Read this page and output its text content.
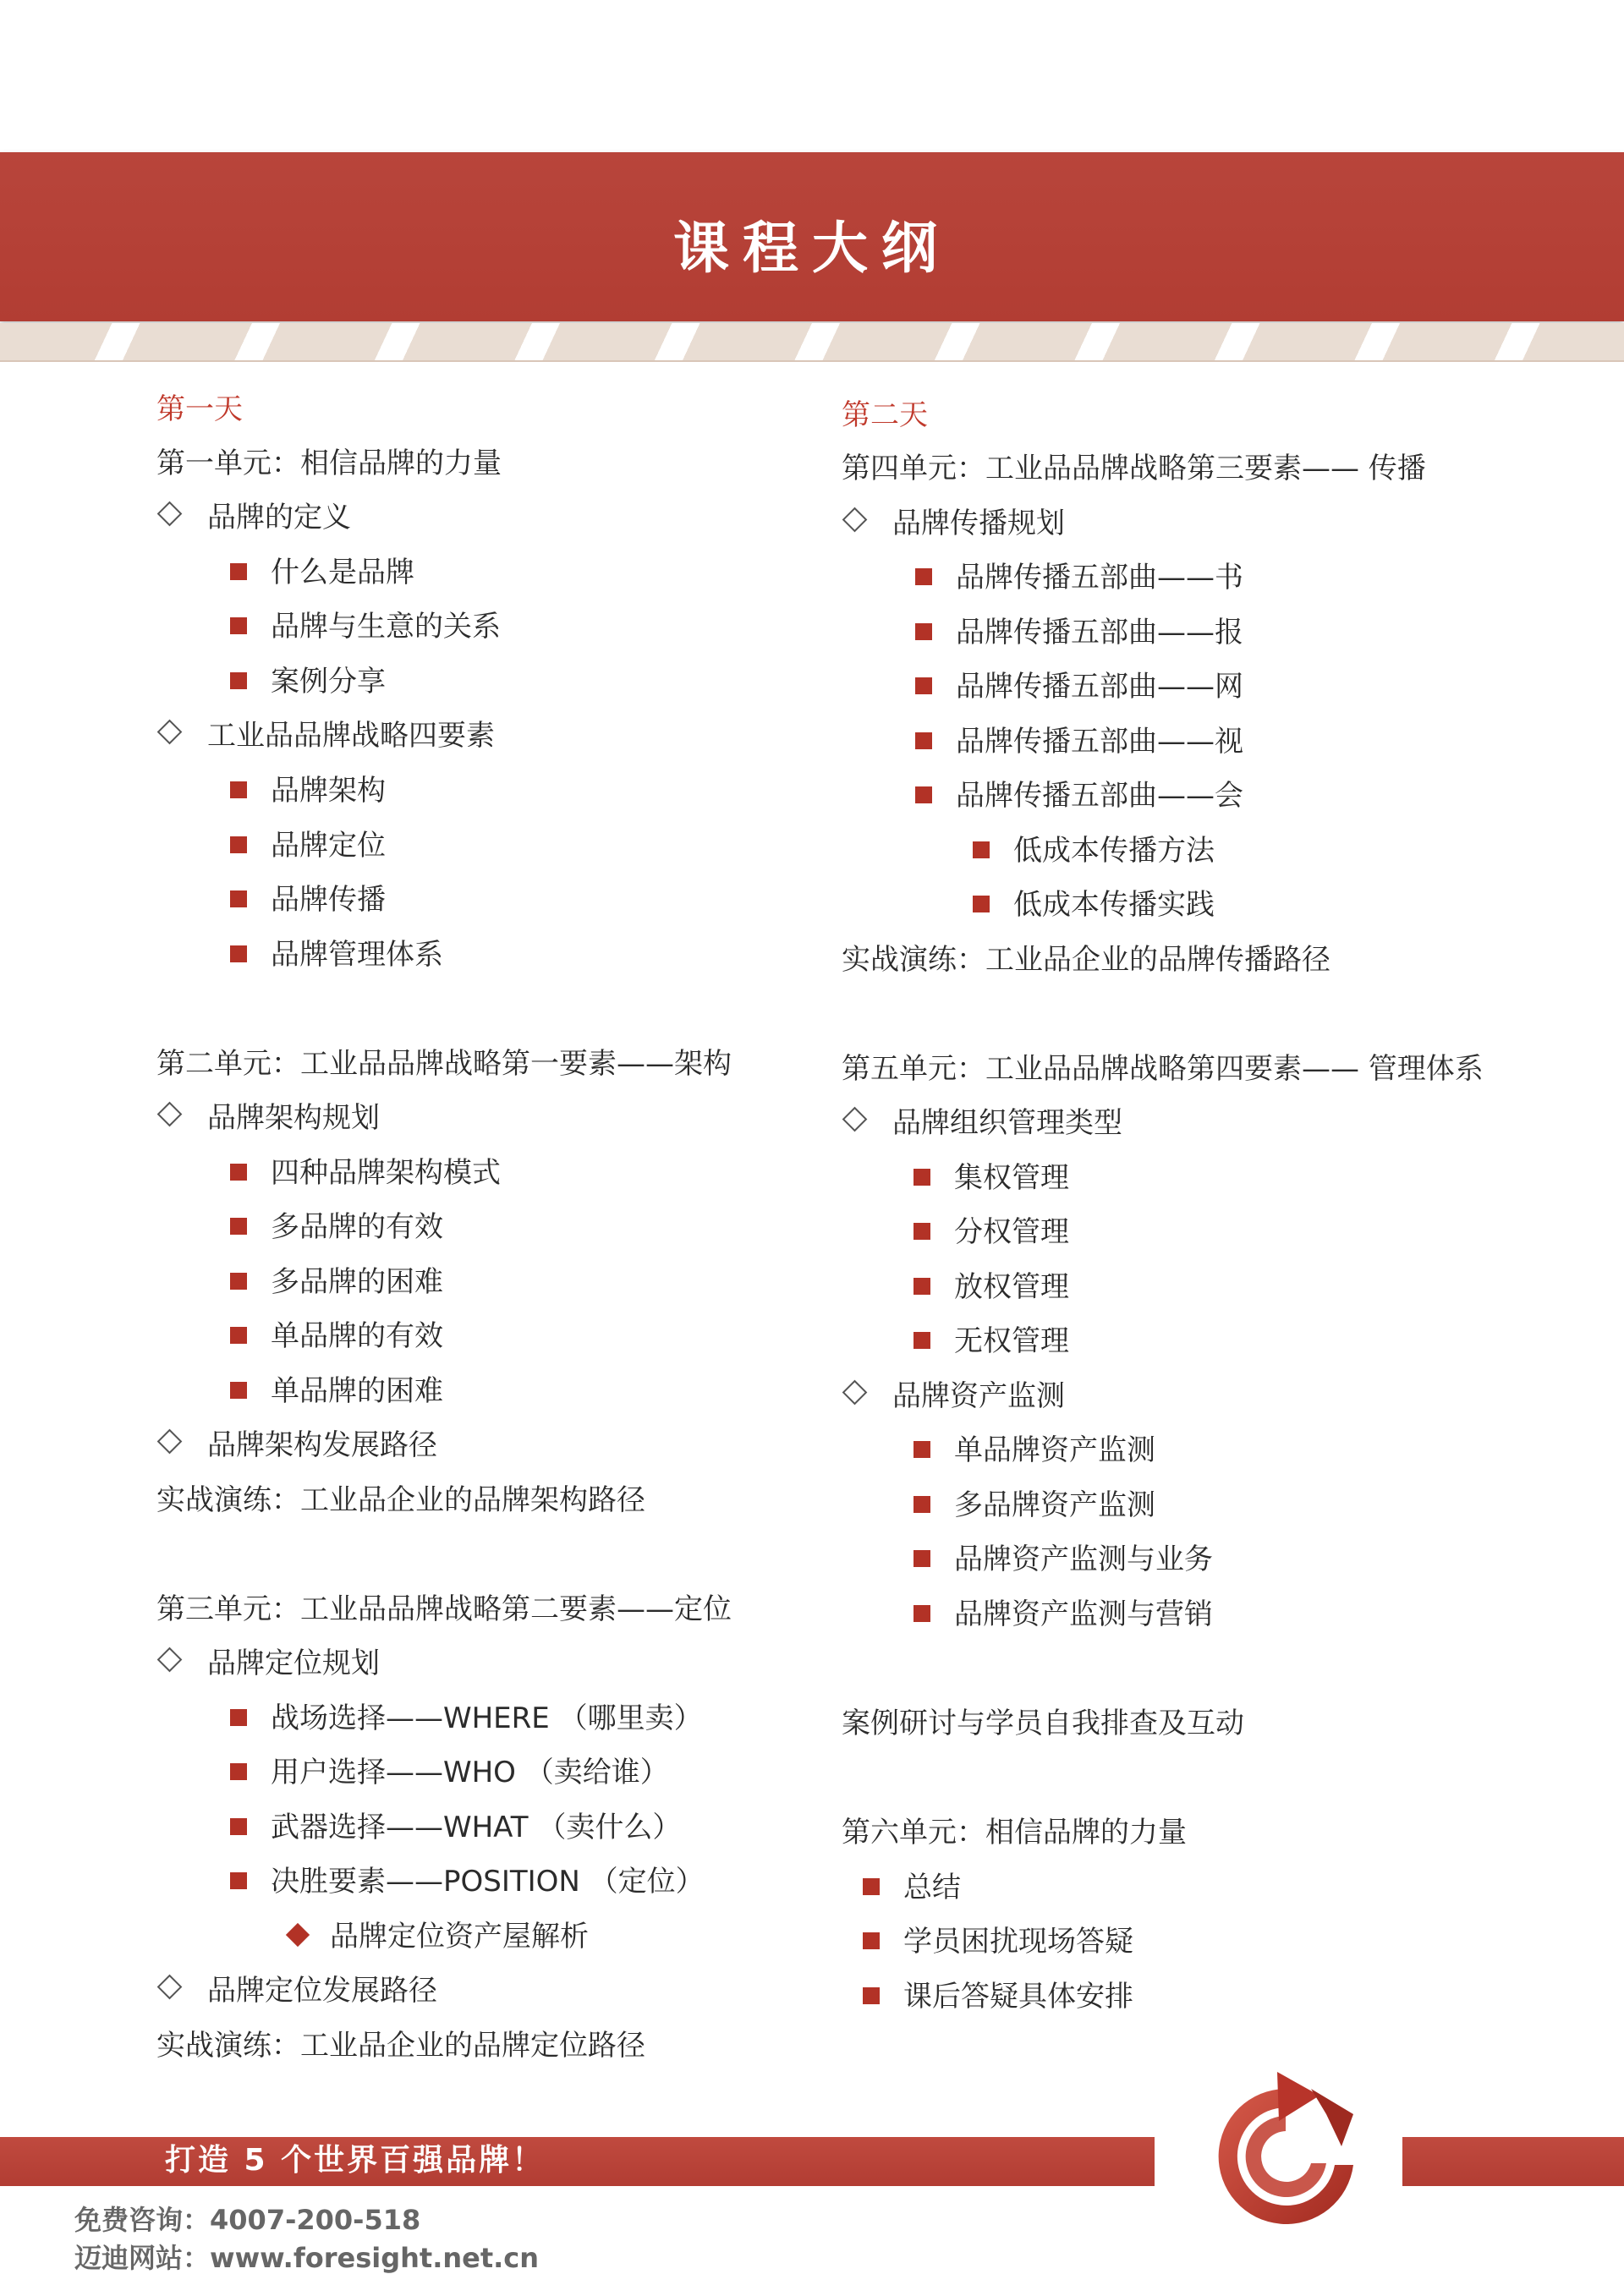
课程大纲
第一天
第一单元：相信品牌的力量
品牌的定义
什么是品牌
品牌与生意的关系
案例分享
工业品品牌战略四要素
品牌架构
品牌定位
品牌传播
品牌管理体系
第二单元：工业品品牌战略第一要素——架构
品牌架构规划
四种品牌架构模式
多品牌的有效
多品牌的困难
单品牌的有效
单品牌的困难
品牌架构发展路径
实战演练：工业品企业的品牌架构路径
第三单元：工业品品牌战略第二要素——定位
品牌定位规划
战场选择——WHERE （哪里卖）
用户选择——WHO （卖给谁）
武器选择——WHAT （卖什么）
决胜要素——POSITION （定位）
品牌定位资产屋解析
品牌定位发展路径
实战演练：工业品企业的品牌定位路径
第二天
第四单元：工业品品牌战略第三要素—— 传播
品牌传播规划
品牌传播五部曲——书
品牌传播五部曲——报
品牌传播五部曲——网
品牌传播五部曲——视
品牌传播五部曲——会
低成本传播方法
低成本传播实践
实战演练：工业品企业的品牌传播路径
第五单元：工业品品牌战略第四要素—— 管理体系
品牌组织管理类型
集权管理
分权管理
放权管理
无权管理
品牌资产监测
单品牌资产监测
多品牌资产监测
品牌资产监测与业务
品牌资产监测与营销
案例研讨与学员自我排查及互动
第六单元：相信品牌的力量
总结
学员困扰现场答疑
课后答疑具体安排
打造 5 个世界百强品牌！
免费咨询：4007-200-518
迈迪网站：www.foresight.net.cn
